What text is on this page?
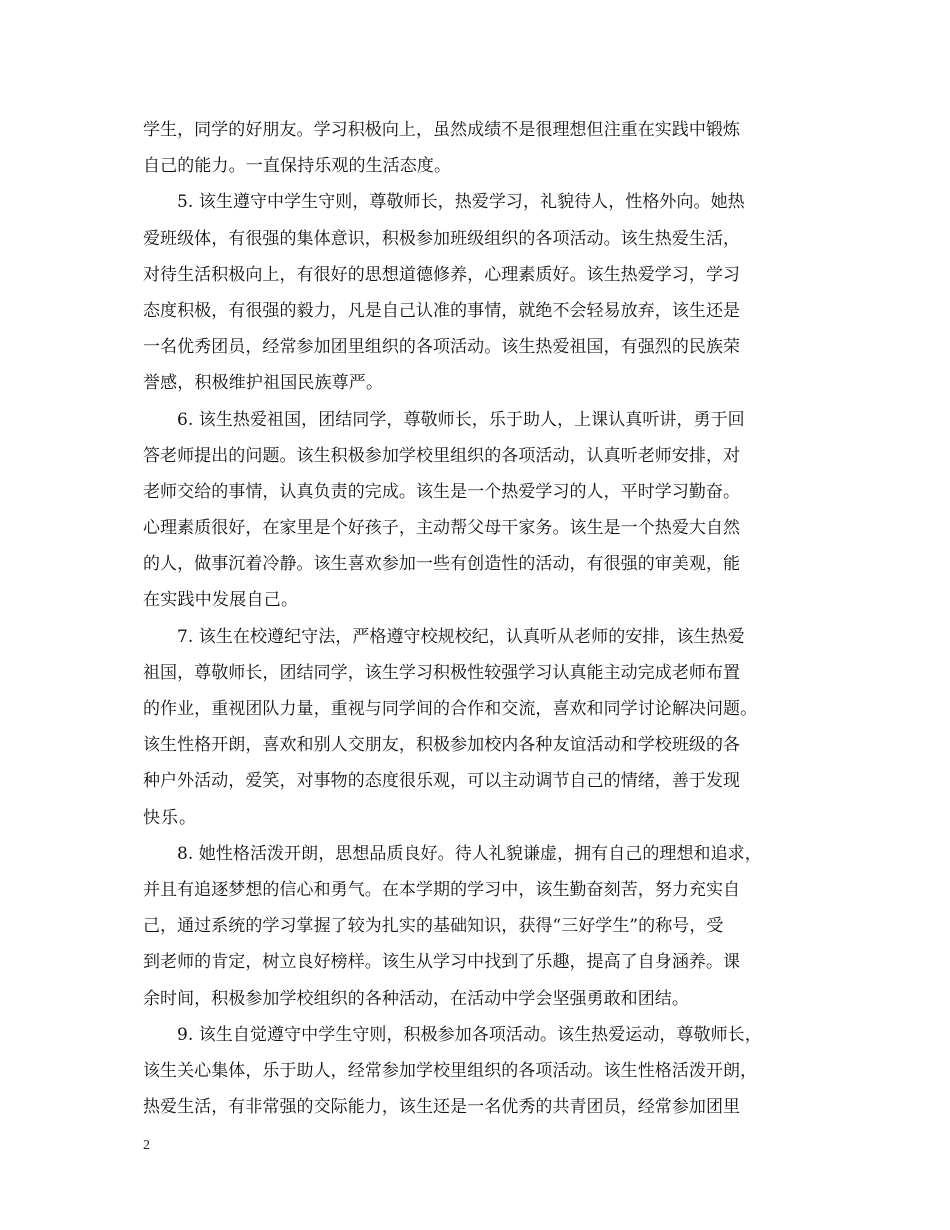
学生，同学的好朋友。学习积极向上，虽然成绩不是很理想但注重在实践中锻炼
自己的能力。一直保持乐观的生活态度。
5. 该生遵守中学生守则，尊敬师长，热爱学习，礼貌待人，性格外向。她热
爱班级体，有很强的集体意识，积极参加班级组织的各项活动。该生热爱生活，
对待生活积极向上，有很好的思想道德修养，心理素质好。该生热爱学习，学习
态度积极，有很强的毅力，凡是自己认准的事情，就绝不会轻易放弃，该生还是
一名优秀团员，经常参加团里组织的各项活动。该生热爱祖国，有强烈的民族荣
誉感，积极维护祖国民族尊严。
6. 该生热爱祖国，团结同学，尊敬师长，乐于助人，上课认真听讲，勇于回
答老师提出的问题。该生积极参加学校里组织的各项活动，认真听老师安排，对
老师交给的事情，认真负责的完成。该生是一个热爱学习的人，平时学习勤奋。
心理素质很好，在家里是个好孩子，主动帮父母干家务。该生是一个热爱大自然
的人，做事沉着冷静。该生喜欢参加一些有创造性的活动，有很强的审美观，能
在实践中发展自己。
7. 该生在校遵纪守法，严格遵守校规校纪，认真听从老师的安排，该生热爱
祖国，尊敬师长，团结同学，该生学习积极性较强学习认真能主动完成老师布置
的作业，重视团队力量，重视与同学间的合作和交流，喜欢和同学讨论解决问题。
该生性格开朗，喜欢和别人交朋友，积极参加校内各种友谊活动和学校班级的各
种户外活动，爱笑，对事物的态度很乐观，可以主动调节自己的情绪，善于发现
快乐。
8. 她性格活泼开朗，思想品质良好。待人礼貌谦虚，拥有自己的理想和追求，
并且有追逐梦想的信心和勇气。在本学期的学习中，该生勤奋刻苦，努力充实自
己，通过系统的学习掌握了较为扎实的基础知识，获得“三好学生”的称号，受
到老师的肯定，树立良好榜样。该生从学习中找到了乐趣，提高了自身涵养。课
余时间，积极参加学校组织的各种活动，在活动中学会坚强勇敢和团结。
9. 该生自觉遵守中学生守则，积极参加各项活动。该生热爱运动，尊敬师长，
该生关心集体，乐于助人，经常参加学校里组织的各项活动。该生性格活泼开朗，
热爱生活，有非常强的交际能力，该生还是一名优秀的共青团员，经常参加团里
2
